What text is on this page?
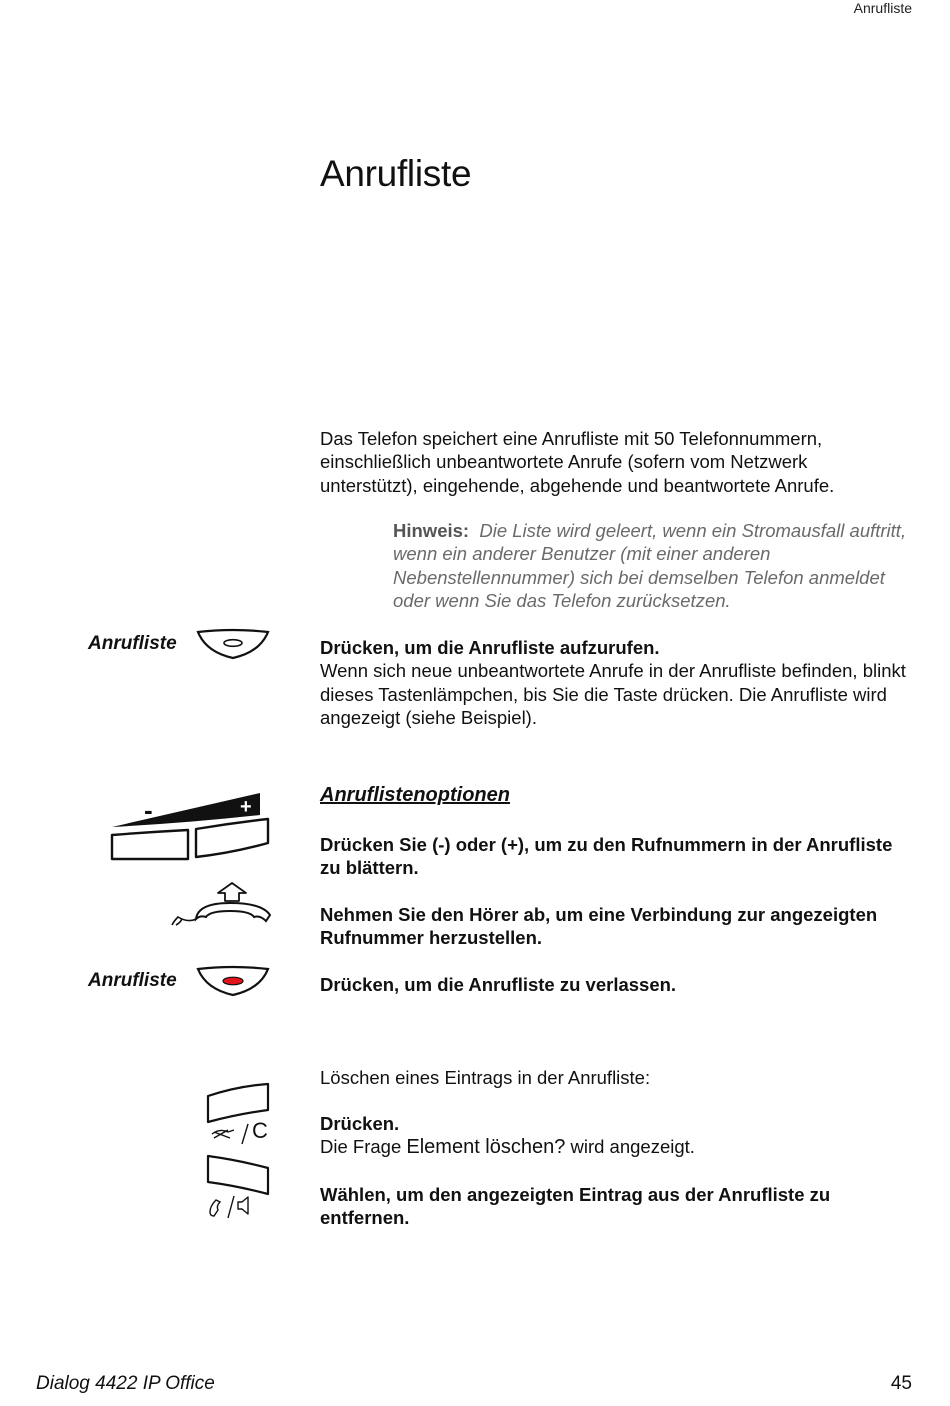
Anrufliste
Anrufliste
Das Telefon speichert eine Anrufliste mit 50 Telefonnummern, einschließlich unbeantwortete Anrufe (sofern vom Netzwerk unterstützt), eingehende, abgehende und beantwortete Anrufe.
Hinweis: Die Liste wird geleert, wenn ein Stromausfall auftritt, wenn ein anderer Benutzer (mit einer anderen Nebenstellennummer) sich bei demselben Telefon anmeldet oder wenn Sie das Telefon zurücksetzen.
Anrufliste	Drücken, um die Anrufliste aufzurufen.
Wenn sich neue unbeantwortete Anrufe in der Anrufliste befinden, blinkt dieses Tastenlämpchen, bis Sie die Taste drücken. Die Anrufliste wird angezeigt (siehe Beispiel).
Anruflistenoptionen
-	+
Drücken Sie (-) oder (+), um zu den Rufnummern in der Anrufliste zu blättern.
Nehmen Sie den Hörer ab, um eine Verbindung zur angezeigten Rufnummer herzustellen.
Anrufliste	Drücken, um die Anrufliste zu verlassen.
Löschen eines Eintrags in der Anrufliste:
C	Drücken.
Die Frage Element löschen? wird angezeigt.
Wählen, um den angezeigten Eintrag aus der Anrufliste zu entfernen.
Dialog 4422 IP Office	45
